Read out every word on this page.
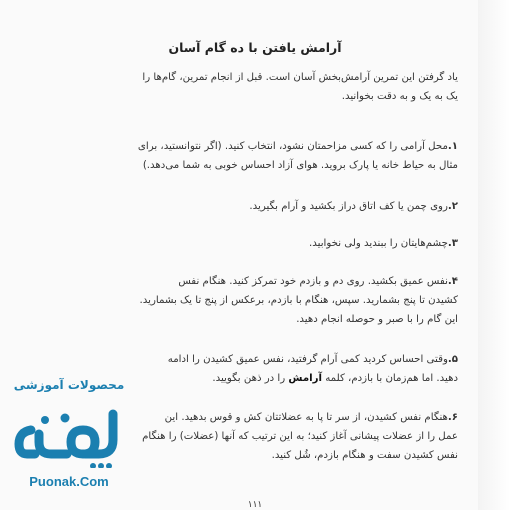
آرامش یافتن با ده گام آسان
یاد گرفتن این تمرین آرامش‌بخش آسان است. قبل از انجام تمرین، گام‌ها را
یک به یک و به دقت بخوانید.
۱.محل آرامی را که کسی مزاحمتان نشود، انتخاب کنید. (اگر نتوانستید، برای
مثال به حیاط خانه یا پارک بروید. هوای آزاد احساس خوبی به شما می‌دهد.)
۲.روی چمن یا کف اتاق دراز بکشید و آرام بگیرید.
۳.چشم‌هایتان را ببندید ولی نخوابید.
۴.نفس عمیق بکشید. روی دم و بازدم خود تمرکز کنید. هنگام نفس
کشیدن تا پنج بشمارید. سپس، هنگام با بازدم، برعکس از پنج تا یک بشمارید.
این گام را با صبر و حوصله انجام دهید.
۵.وقتی احساس کردید کمی آرام گرفتید، نفس عمیق کشیدن را ادامه
دهید. اما هم‌زمان با بازدم، کلمه آرامش را در ذهن بگویید.
۶.هنگام نفس کشیدن، از سر تا پا به عضلاتتان کش و قوس بدهید. این
عمل را از عضلات پیشانی آغاز کنید؛ به این ترتیب که آنها (عضلات) را هنگام
نفس کشیدن سفت و هنگام بازدم، شُل کنید.
۱۱۱
محصولات آموزشی
Puonak.Com
